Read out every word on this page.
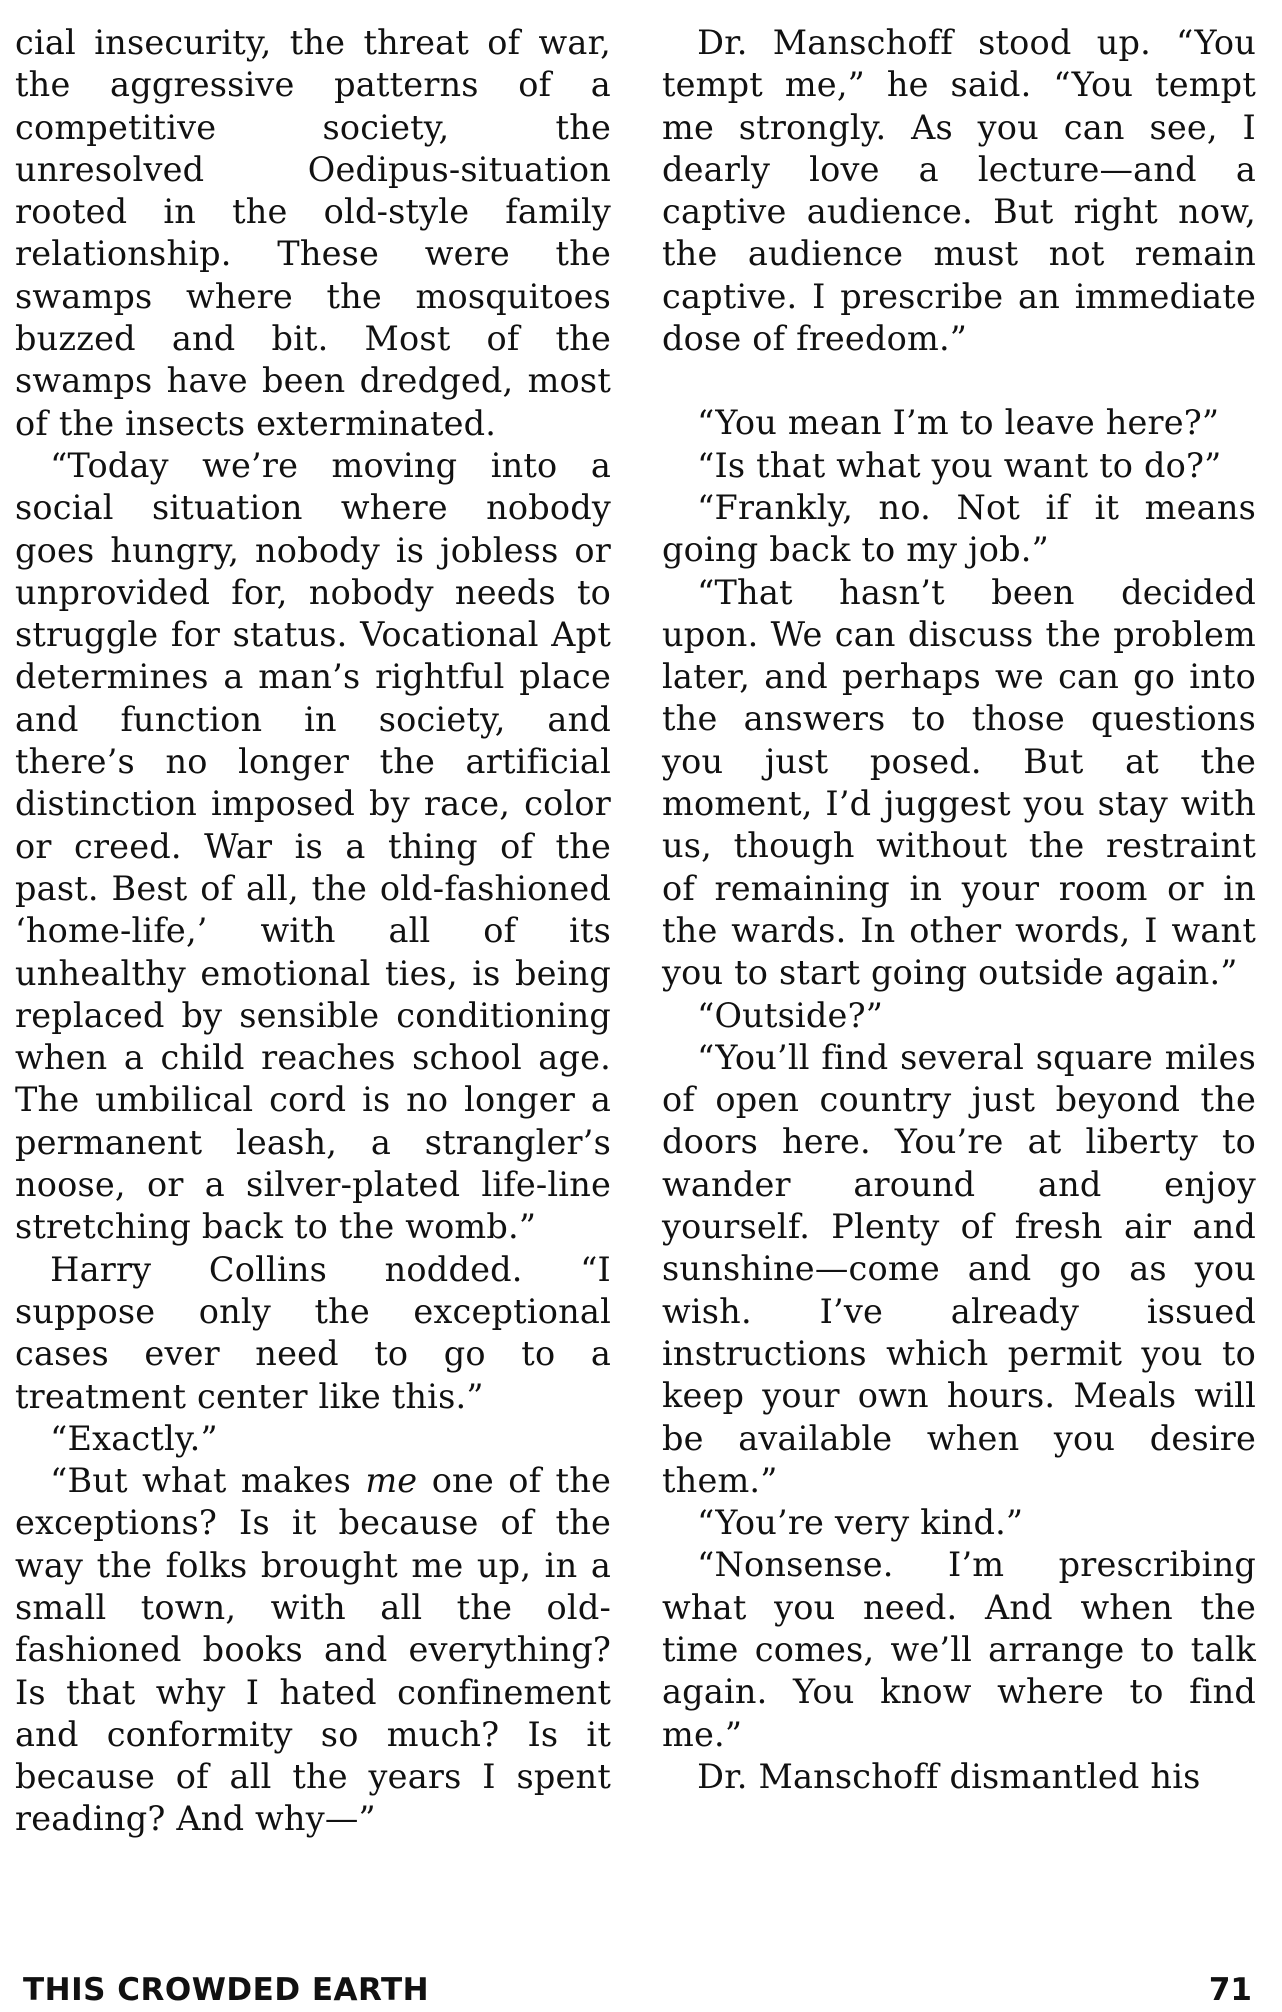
cial insecurity, the threat of war, the aggressive patterns of a competitive society, the unresolved Oedipus-situation rooted in the old-style family relationship. These were the swamps where the mosquitoes buzzed and bit. Most of the swamps have been dredged, most of the insects exterminated.

“Today we’re moving into a social situation where nobody goes hungry, nobody is jobless or unprovided for, nobody needs to struggle for status. Vocational Apt determines a man’s rightful place and function in society, and there’s no longer the artificial distinction imposed by race, color or creed. War is a thing of the past. Best of all, the old-fashioned ‘home-life,’ with all of its unhealthy emotional ties, is being replaced by sensible conditioning when a child reaches school age. The umbilical cord is no longer a permanent leash, a strangler’s noose, or a silver-plated life-line stretching back to the womb.”

Harry Collins nodded. “I suppose only the exceptional cases ever need to go to a treatment center like this.”

“Exactly.”

“But what makes me one of the exceptions? Is it because of the way the folks brought me up, in a small town, with all the old-fashioned books and everything? Is that why I hated confinement and conformity so much? Is it because of all the years I spent reading? And why—”

Dr. Manschoff stood up. “You tempt me,” he said. “You tempt me strongly. As you can see, I dearly love a lecture—and a captive audience. But right now, the audience must not remain captive. I prescribe an immediate dose of freedom.”

“You mean I’m to leave here?”

“Is that what you want to do?”

“Frankly, no. Not if it means going back to my job.”

“That hasn’t been decided upon. We can discuss the problem later, and perhaps we can go into the answers to those questions you just posed. But at the moment, I’d juggest you stay with us, though without the restraint of remaining in your room or in the wards. In other words, I want you to start going outside again.”

“Outside?”

“You’ll find several square miles of open country just beyond the doors here. You’re at liberty to wander around and enjoy yourself. Plenty of fresh air and sunshine—come and go as you wish. I’ve already issued instructions which permit you to keep your own hours. Meals will be available when you desire them.”

“You’re very kind.”

“Nonsense. I’m prescribing what you need. And when the time comes, we’ll arrange to talk again. You know where to find me.”

Dr. Manschoff dismantled his

THIS CROWDED EARTH	71
